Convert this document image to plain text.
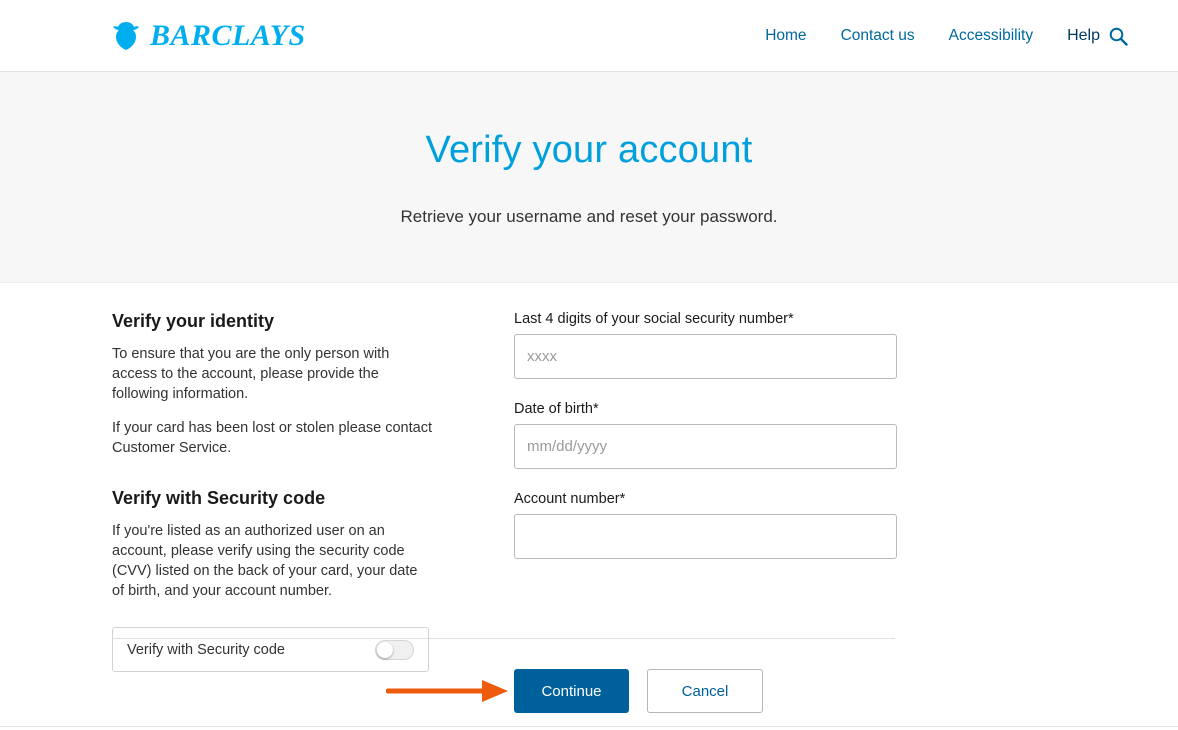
BARCLAYS	Home Contact us Accessibility Help
Verify your account

Retrieve your username and reset your password.

Verify your identity

To ensure that you are the only person with access to the account, please provide the following information.

If your card has been lost or stolen please contact Customer Service.

Verify with Security code

If you're listed as an authorized user on an account, please verify using the security code (CVV) listed on the back of your card, your date of birth, and your account number.

Verify with Security code
Last 4 digits of your social security number*
xxxx
Date of birth*
mm/dd/yyyy
Account number*
Continue	Cancel
